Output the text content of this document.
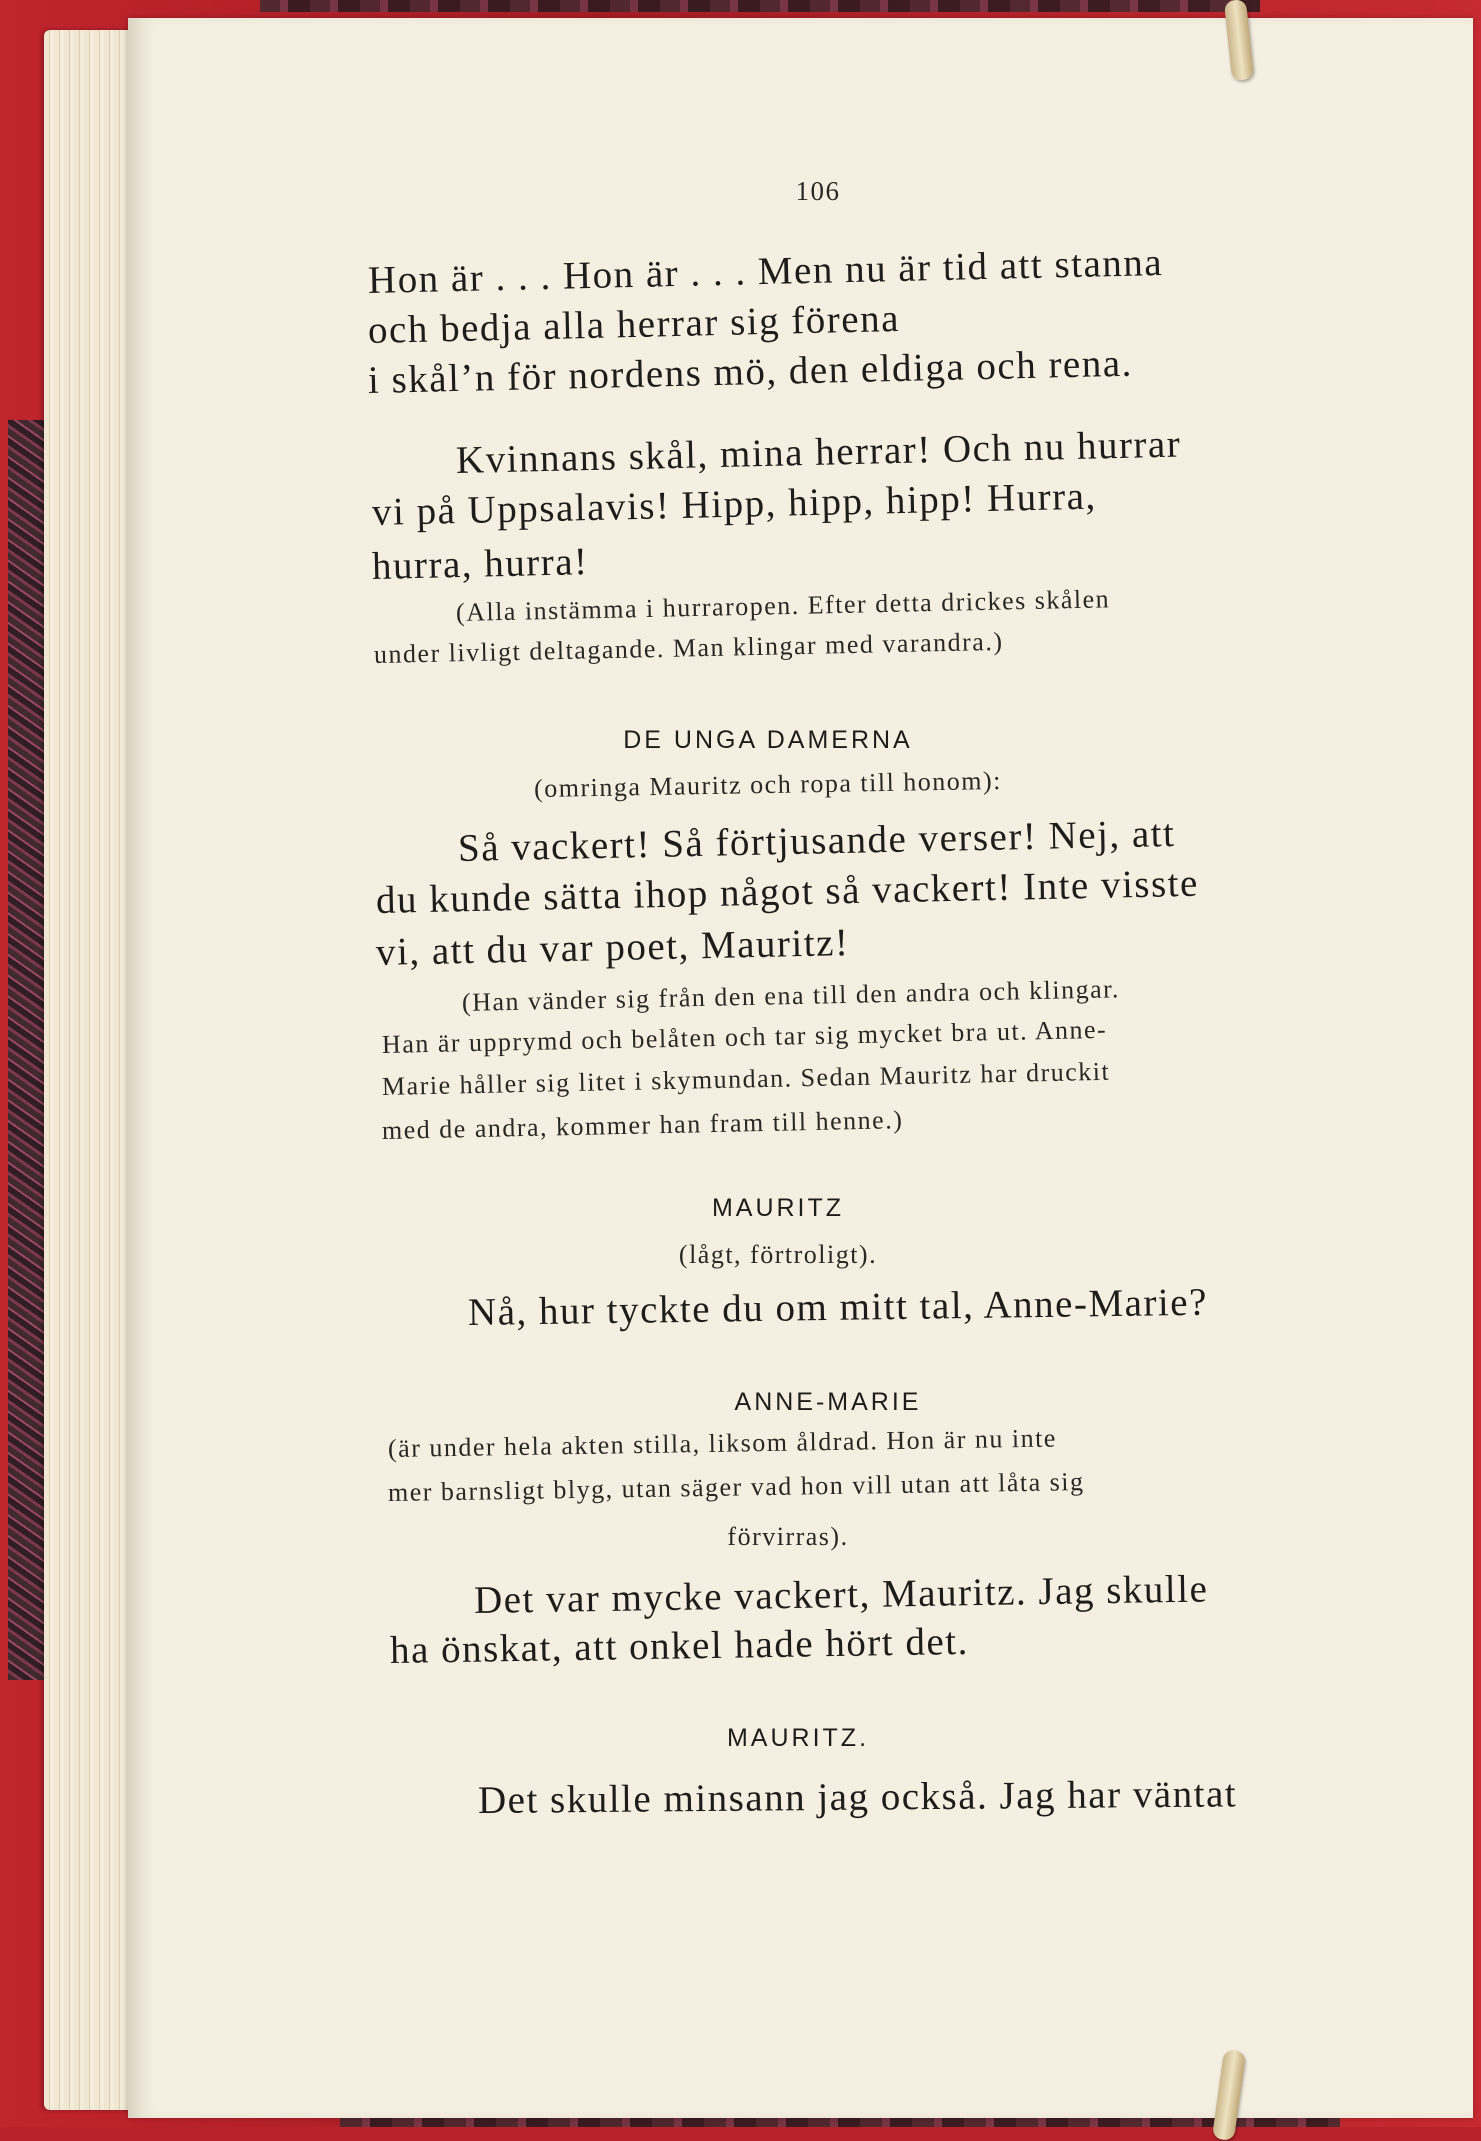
106

Hon är . . . Hon är . . . Men nu är tid att stanna

och bedja alla herrar sig förena

i skål’n för nordens mö, den eldiga och rena.

Kvinnans skål, mina herrar! Och nu hurrar

vi på Uppsalavis! Hipp, hipp, hipp! Hurra,

hurra, hurra!

(Alla instämma i hurraropen. Efter detta drickes skålen

under livligt deltagande. Man klingar med varandra.)

DE UNGA DAMERNA

(omringa Mauritz och ropa till honom):

Så vackert! Så förtjusande verser! Nej, att

du kunde sätta ihop något så vackert! Inte visste

vi, att du var poet, Mauritz!

(Han vänder sig från den ena till den andra och klingar.

Han är upprymd och belåten och tar sig mycket bra ut. Anne-

Marie håller sig litet i skymundan. Sedan Mauritz har druckit

med de andra, kommer han fram till henne.)

MAURITZ

(lågt, förtroligt).

Nå, hur tyckte du om mitt tal, Anne-Marie?

ANNE-MARIE

(är under hela akten stilla, liksom åldrad. Hon är nu inte

mer barnsligt blyg, utan säger vad hon vill utan att låta sig

förvirras).

Det var mycke vackert, Mauritz. Jag skulle

ha önskat, att onkel hade hört det.

MAURITZ.

Det skulle minsann jag också. Jag har väntat
